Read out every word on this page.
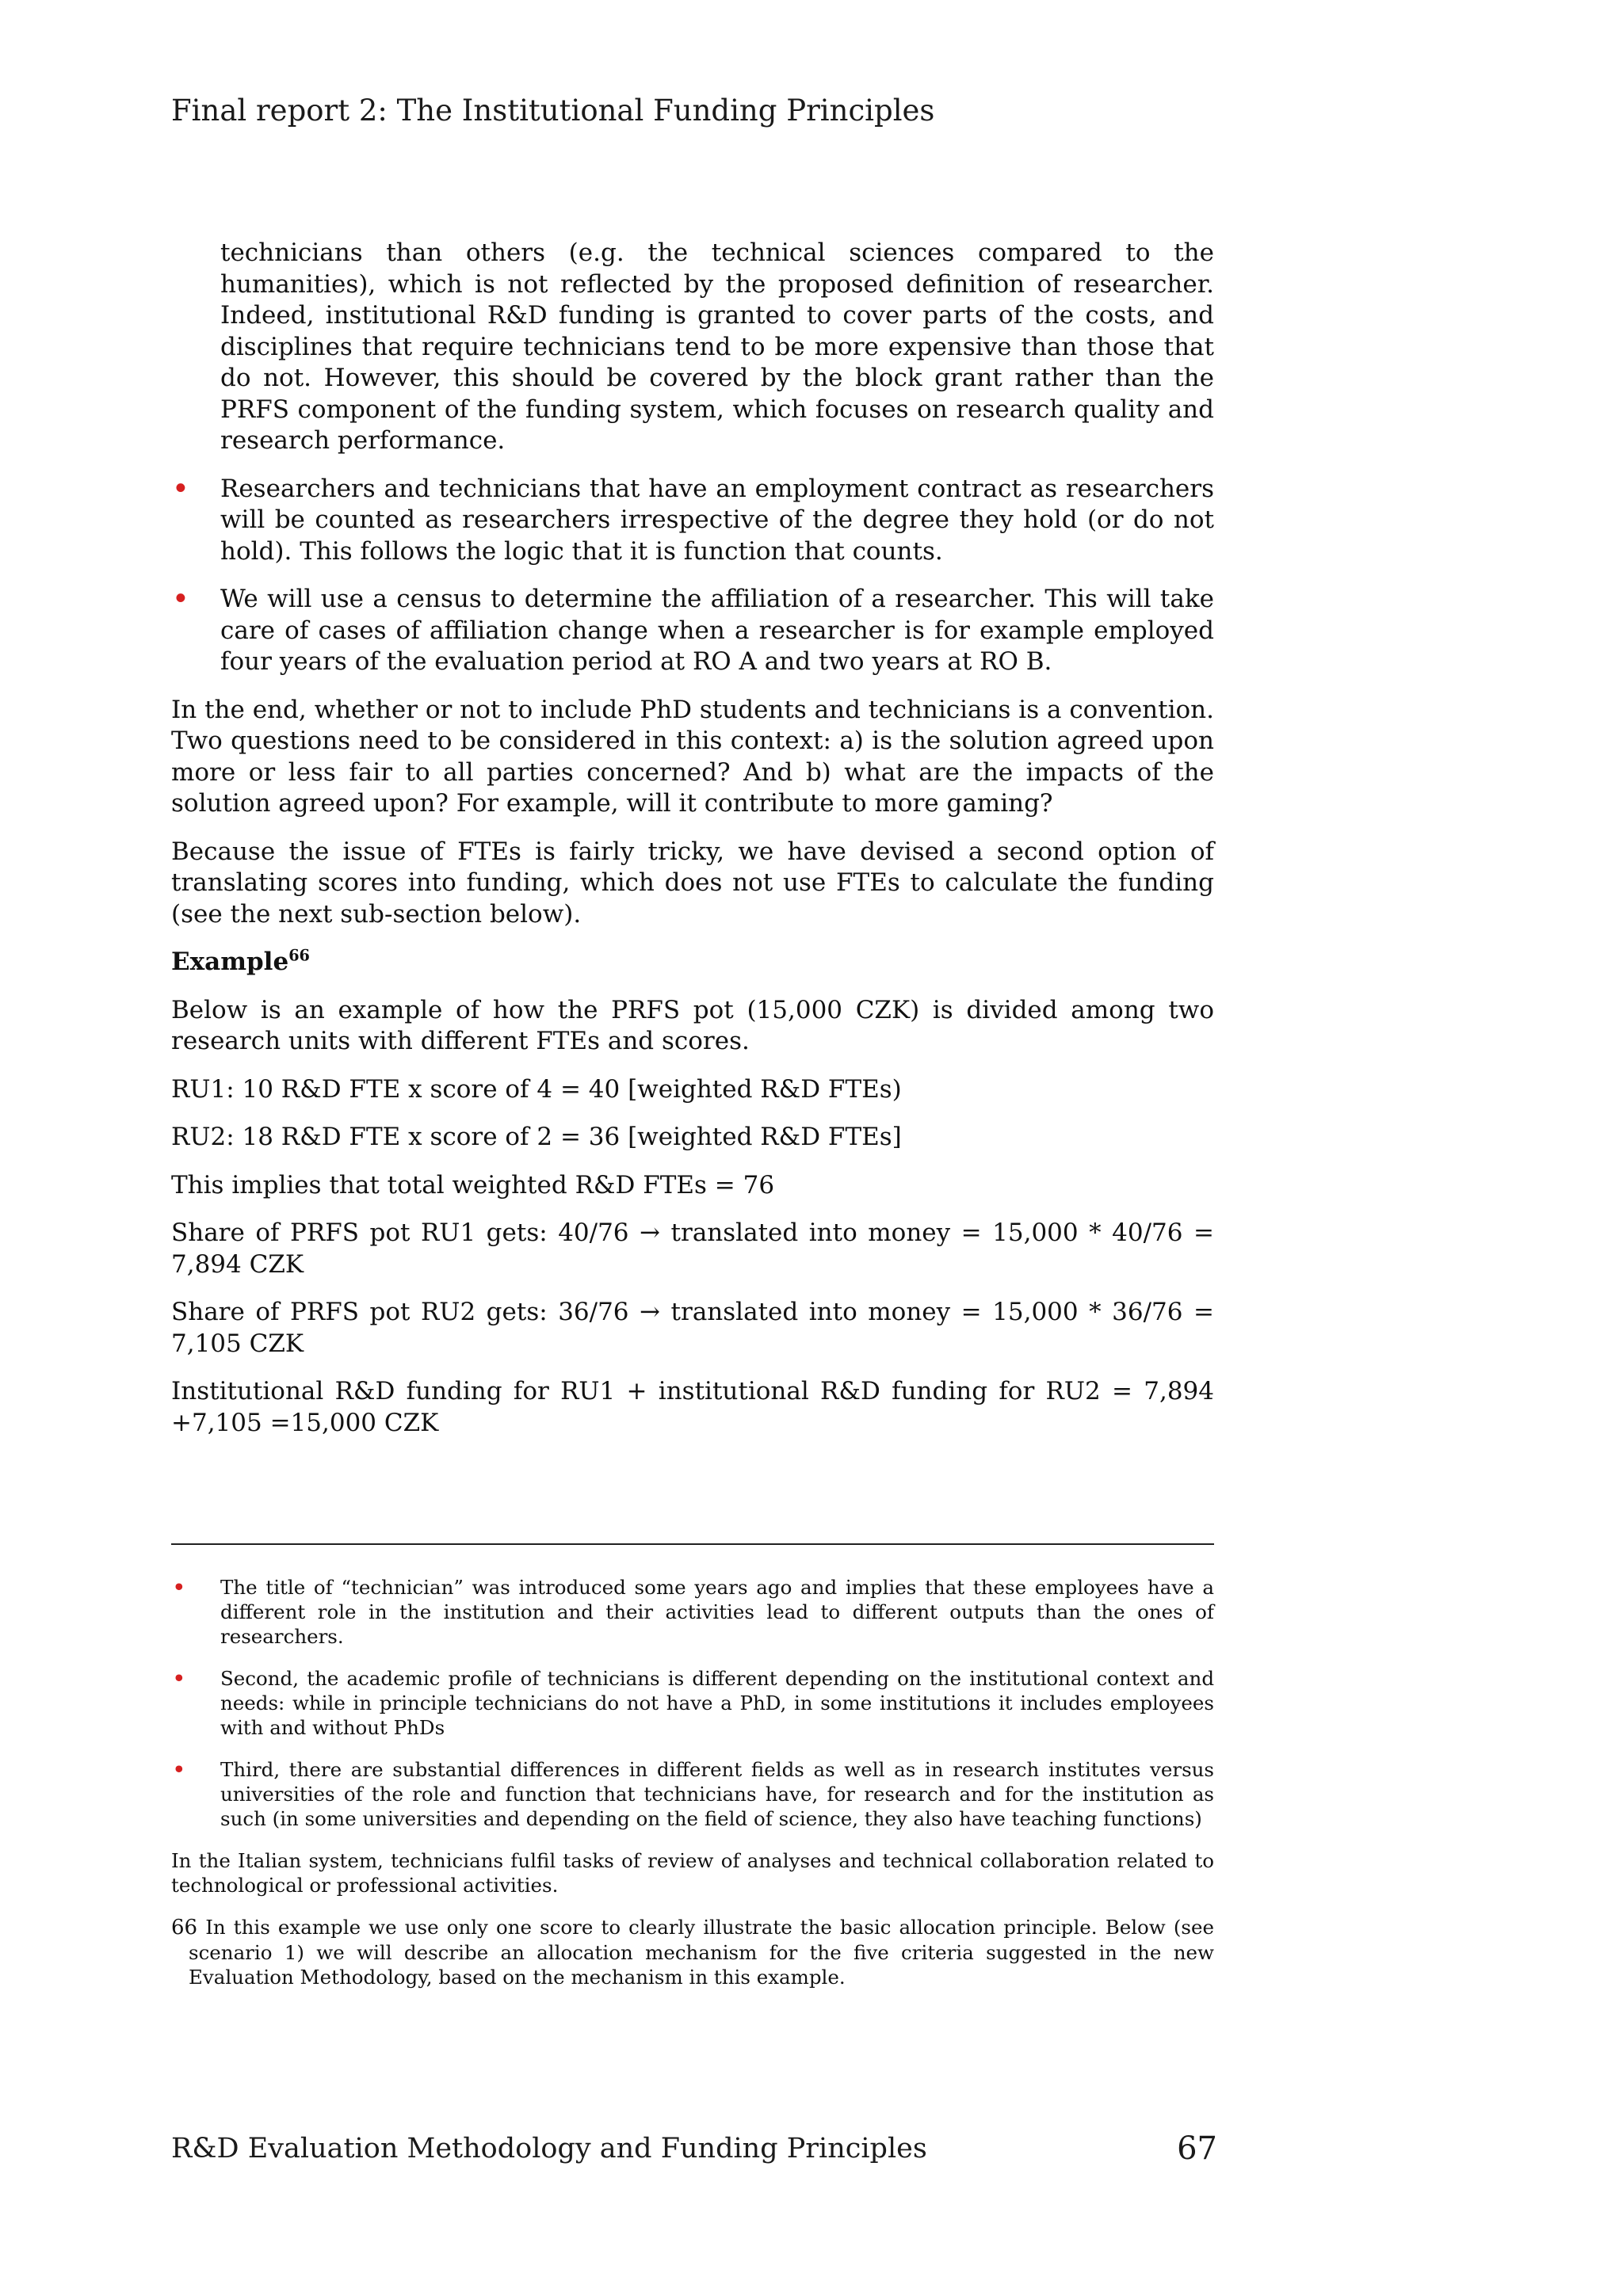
Final report 2: The Institutional Funding Principles

technicians than others (e.g. the technical sciences compared to the humanities), which is not reflected by the proposed definition of researcher. Indeed, institutional R&D funding is granted to cover parts of the costs, and disciplines that require technicians tend to be more expensive than those that do not. However, this should be covered by the block grant rather than the PRFS component of the funding system, which focuses on research quality and research performance.

• Researchers and technicians that have an employment contract as researchers will be counted as researchers irrespective of the degree they hold (or do not hold). This follows the logic that it is function that counts.
• We will use a census to determine the affiliation of a researcher. This will take care of cases of affiliation change when a researcher is for example employed four years of the evaluation period at RO A and two years at RO B.

In the end, whether or not to include PhD students and technicians is a convention. Two questions need to be considered in this context: a) is the solution agreed upon more or less fair to all parties concerned? And b) what are the impacts of the solution agreed upon? For example, will it contribute to more gaming?

Because the issue of FTEs is fairly tricky, we have devised a second option of translating scores into funding, which does not use FTEs to calculate the funding (see the next sub-section below).

Example$^{66}$

Below is an example of how the PRFS pot (15,000 CZK) is divided among two research units with different FTEs and scores.

RU1: 10 R&D FTE x score of 4 = 40 [weighted R&D FTEs)

RU2: 18 R&D FTE x score of 2 = 36 [weighted R&D FTEs]

This implies that total weighted R&D FTEs = 76

Share of PRFS pot RU1 gets: 40/76 → translated into money = 15,000 * 40/76 = 7,894 CZK

Share of PRFS pot RU2 gets: 36/76 → translated into money = 15,000 * 36/76 = 7,105 CZK

Institutional R&D funding for RU1 + institutional R&D funding for RU2 = 7,894 +7,105 =15,000 CZK

• The title of “technician” was introduced some years ago and implies that these employees have a different role in the institution and their activities lead to different outputs than the ones of researchers.
• Second, the academic profile of technicians is different depending on the institutional context and needs: while in principle technicians do not have a PhD, in some institutions it includes employees with and without PhDs
• Third, there are substantial differences in different fields as well as in research institutes versus universities of the role and function that technicians have, for research and for the institution as such (in some universities and depending on the field of science, they also have teaching functions)

In the Italian system, technicians fulfil tasks of review of analyses and technical collaboration related to technological or professional activities.

66 In this example we use only one score to clearly illustrate the basic allocation principle. Below (see scenario 1) we will describe an allocation mechanism for the five criteria suggested in the new Evaluation Methodology, based on the mechanism in this example.

R&D Evaluation Methodology and Funding Principles	67
